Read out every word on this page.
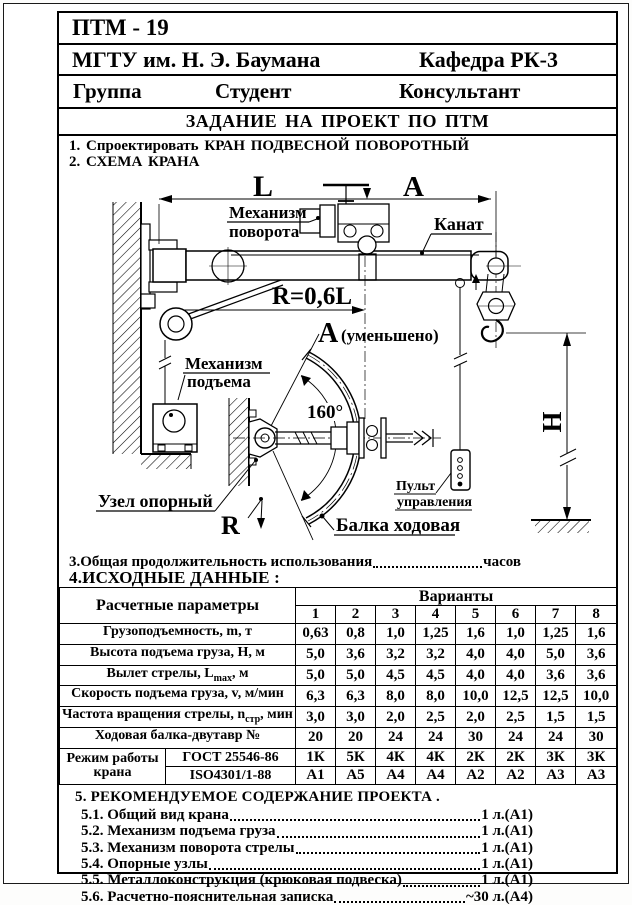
ПТМ - 19
МГТУ им. Н. Э. Баумана	Кафедра РК-3
Группа	Студент	Консультант
ЗАДАНИЕ НА ПРОЕКТ ПО ПТМ
1. Спроектировать КРАН ПОДВЕСНОЙ ПОВОРОТНЫЙ
2. СХЕМА КРАНА
L	A
Механизм
поворота	Канат
R=0,6L
Механизм
подъема
А (уменьшено)
160°
R
Узел опорный
Балка ходовая
H
Пульт
управления
3.Общая продолжительность использования	часов
4.ИСХОДНЫЕ ДАННЫЕ :
Расчетные параметры		Варианты							
		1	2	3	4	5	6	7	8
Грузоподъемность, m, т		0,63	0,8	1,0	1,25	1,6	1,0	1,25	1,6
Высота подъема груза, Н, м		5,0	3,6	3,2	3,2	4,0	4,0	5,0	3,6
Вылет стрелы, $L_{max}$, м		5,0	5,0	4,5	4,5	4,0	4,0	3,6	3,6
Скорость подъема груза, v, м/мин		6,3	6,3	8,0	8,0	10,0	12,5	12,5	10,0
Частота вращения стрелы, $n_{стр}$, мин		3,0	3,0	2,0	2,5	2,0	2,5	1,5	1,5
Ходовая балка-двутавр №		20	20	24	24	30	24	24	30
Режим работы крана	ГОСТ 25546-86	1К	5К	4К	4К	2К	2К	3К	3К
	ISO4301/1-88	А1	А5	А4	А4	А2	А2	А3	А3
5. РЕКОМЕНДУЕМОЕ СОДЕРЖАНИЕ ПРОЕКТА .
5.1. Общий вид крана	1 л.(А1)
5.2. Механизм подъема груза	1 л.(А1)
5.3. Механизм поворота стрелы	1 л.(А1)
5.4. Опорные узлы	1 л.(А1)
5.5. Металлоконструкция (крюковая подвеска)	1 л.(А1)
5.6. Расчетно-пояснительная записка	~30 л.(А4)
